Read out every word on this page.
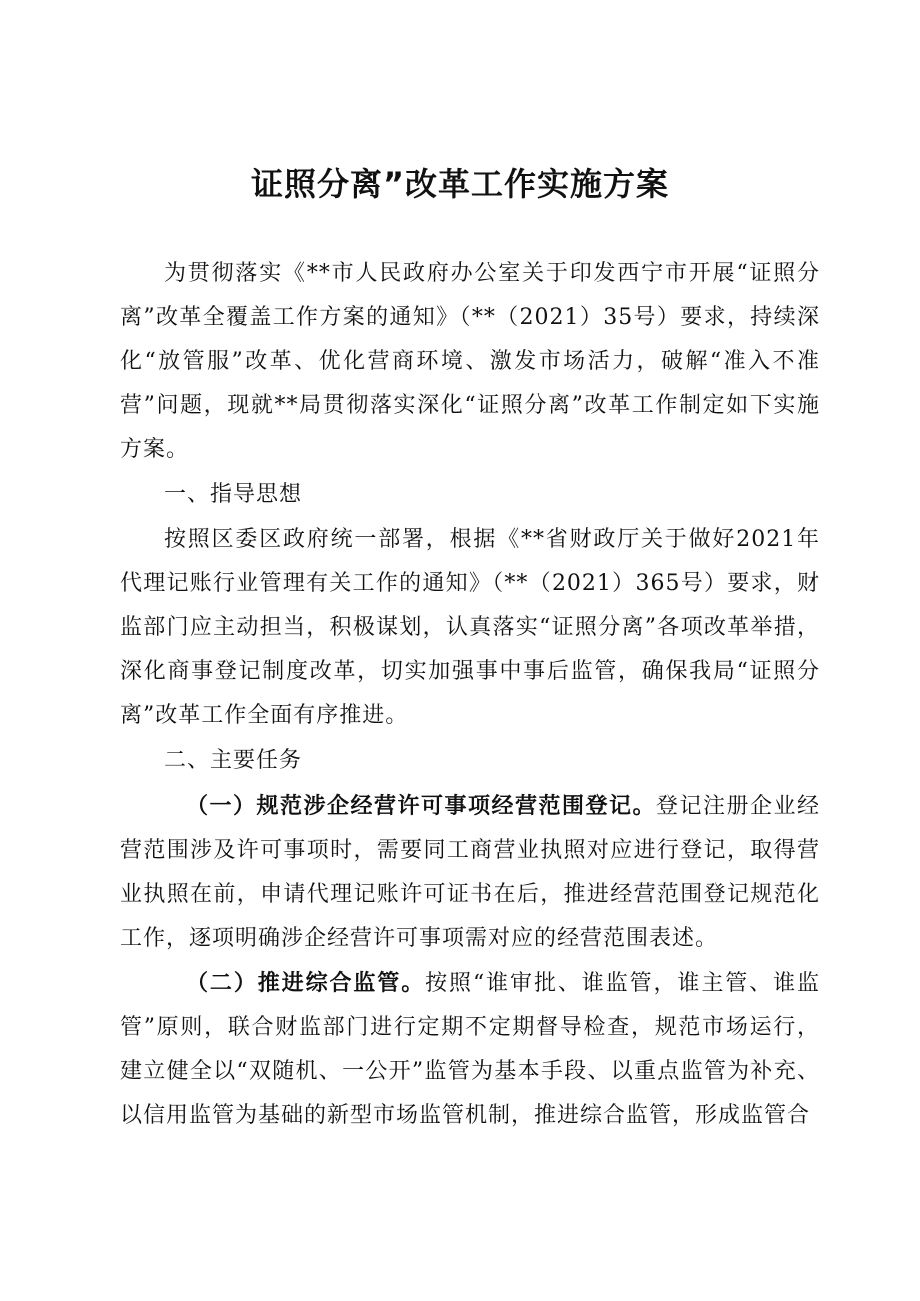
证照分离”改革工作实施方案

为贯彻落实《**市人民政府办公室关于印发西宁市开展“证照分离”改革全覆盖工作方案的通知》（**（2021）35号）要求，持续深化“放管服”改革、优化营商环境、激发市场活力，破解“准入不准营”问题，现就**局贯彻落实深化“证照分离”改革工作制定如下实施方案。

一、指导思想

按照区委区政府统一部署，根据《**省财政厅关于做好2021年代理记账行业管理有关工作的通知》（**（2021）365号）要求，财监部门应主动担当，积极谋划，认真落实“证照分离”各项改革举措，深化商事登记制度改革，切实加强事中事后监管，确保我局“证照分离”改革工作全面有序推进。

二、主要任务

（一）规范涉企经营许可事项经营范围登记。登记注册企业经营范围涉及许可事项时，需要同工商营业执照对应进行登记，取得营业执照在前，申请代理记账许可证书在后，推进经营范围登记规范化工作，逐项明确涉企经营许可事项需对应的经营范围表述。

（二）推进综合监管。按照“谁审批、谁监管，谁主管、谁监管”原则，联合财监部门进行定期不定期督导检查，规范市场运行，建立健全以“双随机、一公开”监管为基本手段、以重点监管为补充、以信用监管为基础的新型市场监管机制，推进综合监管，形成监管合
